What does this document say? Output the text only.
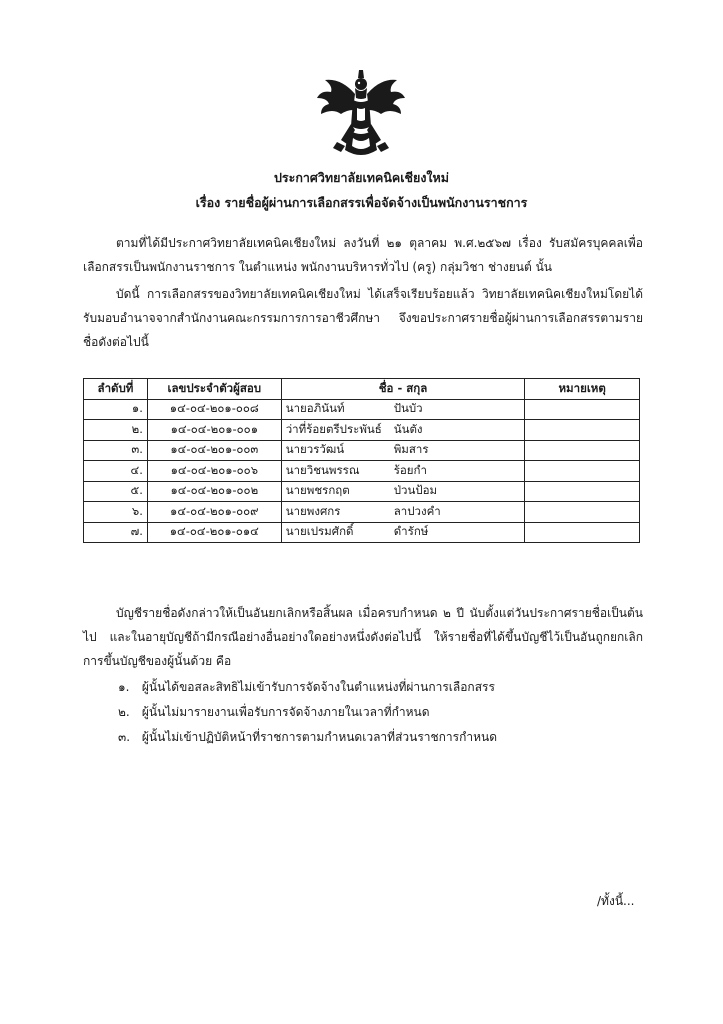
ประกาศวิทยาลัยเทคนิคเชียงใหม่
เรื่อง รายชื่อผู้ผ่านการเลือกสรรเพื่อจัดจ้างเป็นพนักงานราชการ
ตามที่ได้มีประกาศวิทยาลัยเทคนิคเชียงใหม่ ลงวันที่ ๒๑ ตุลาคม พ.ศ.๒๕๖๗ เรื่อง รับสมัครบุคคลเพื่อเลือกสรรเป็นพนักงานราชการ ในตำแหน่ง พนักงานบริหารทั่วไป (ครู) กลุ่มวิชา ช่างยนต์ นั้น
บัดนี้ การเลือกสรรของวิทยาลัยเทคนิคเชียงใหม่ ได้เสร็จเรียบร้อยแล้ว วิทยาลัยเทคนิคเชียงใหม่โดยได้รับมอบอำนาจจากสำนักงานคณะกรรมการการอาชีวศึกษา จึงขอประกาศรายชื่อผู้ผ่านการเลือกสรรตามรายชื่อดังต่อไปนี้
ลำดับที่	เลขประจำตัวผู้สอบ	ชื่อ - สกุล	หมายเหตุ
๑.	๑๔-๐๔-๒๐๑-๐๐๘	นายอภินันท์ ปันบัว	
๒.	๑๔-๐๔-๒๐๑-๐๐๑	ว่าที่ร้อยตรีประพันธ์ นันตัง	
๓.	๑๔-๐๔-๒๐๑-๐๐๓	นายวรวัฒน์ พิมสาร	
๔.	๑๔-๐๔-๒๐๑-๐๐๖	นายวิชนพรรณ ร้อยกำ	
๕.	๑๔-๐๔-๒๐๑-๐๐๒	นายพชรกฤต ป่วนป้อม	
๖.	๑๔-๐๔-๒๐๑-๐๐๙	นายพงศกร ลาปวงคำ	
๗.	๑๔-๐๔-๒๐๑-๐๑๔	นายเปรมศักดิ์ ดำรักษ์	
บัญชีรายชื่อดังกล่าวให้เป็นอันยกเลิกหรือสิ้นผล เมื่อครบกำหนด ๒ ปี นับตั้งแต่วันประกาศรายชื่อเป็นต้นไป และในอายุบัญชีถ้ามีกรณีอย่างอื่นอย่างใดอย่างหนึ่งดังต่อไปนี้ ให้รายชื่อที่ได้ขึ้นบัญชีไว้เป็นอันถูกยกเลิกการขึ้นบัญชีของผู้นั้นด้วย คือ
๑. ผู้นั้นได้ขอสละสิทธิไม่เข้ารับการจัดจ้างในตำแหน่งที่ผ่านการเลือกสรร
๒. ผู้นั้นไม่มารายงานเพื่อรับการจัดจ้างภายในเวลาที่กำหนด
๓. ผู้นั้นไม่เข้าปฏิบัติหน้าที่ราชการตามกำหนดเวลาที่ส่วนราชการกำหนด
/ทั้งนี้...
